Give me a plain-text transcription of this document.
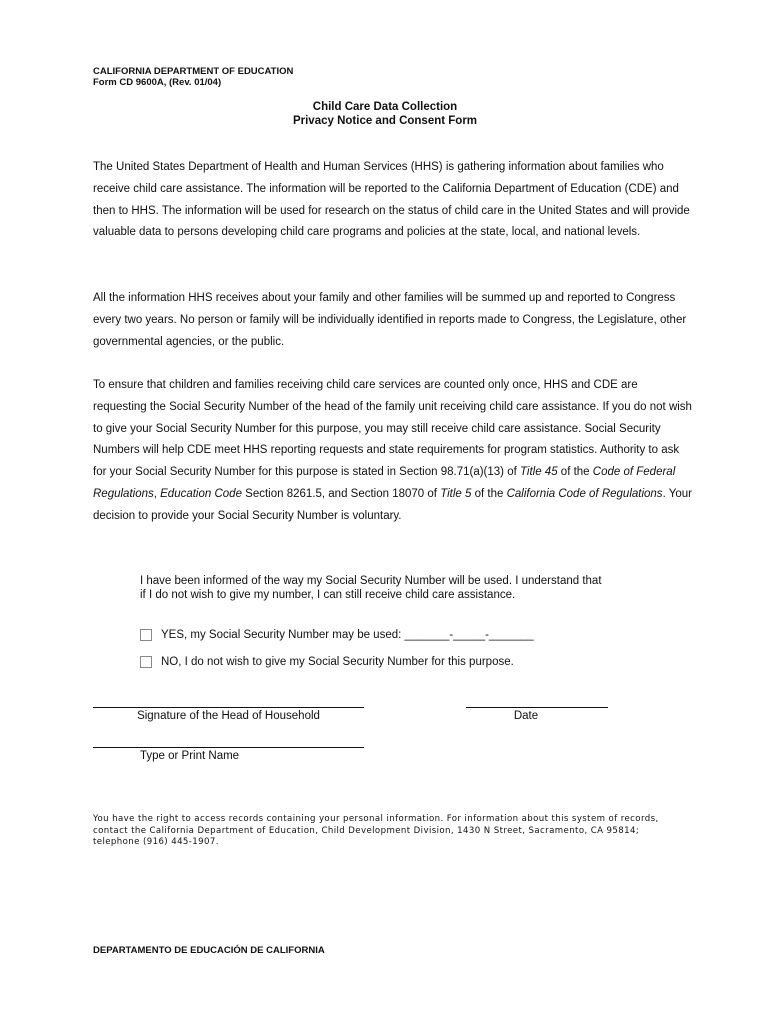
CALIFORNIA DEPARTMENT OF EDUCATION
Form CD 9600A, (Rev. 01/04)
Child Care Data Collection
Privacy Notice and Consent Form

The United States Department of Health and Human Services (HHS) is gathering information about families who receive child care assistance. The information will be reported to the California Department of Education (CDE) and then to HHS. The information will be used for research on the status of child care in the United States and will provide valuable data to persons developing child care programs and policies at the state, local, and national levels.

All the information HHS receives about your family and other families will be summed up and reported to Congress every two years. No person or family will be individually identified in reports made to Congress, the Legislature, other governmental agencies, or the public.

To ensure that children and families receiving child care services are counted only once, HHS and CDE are requesting the Social Security Number of the head of the family unit receiving child care assistance. If you do not wish to give your Social Security Number for this purpose, you may still receive child care assistance. Social Security Numbers will help CDE meet HHS reporting requests and state requirements for program statistics. Authority to ask for your Social Security Number for this purpose is stated in Section 98.71(a)(13) of Title 45 of the Code of Federal Regulations, Education Code Section 8261.5, and Section 18070 of Title 5 of the California Code of Regulations. Your decision to provide your Social Security Number is voluntary.

I have been informed of the way my Social Security Number will be used. I understand that if I do not wish to give my number, I can still receive child care assistance.
YES, my Social Security Number may be used: _______-_____-_______
NO, I do not wish to give my Social Security Number for this purpose.
Signature of the Head of Household	Date
Type or Print Name
You have the right to access records containing your personal information. For information about this system of records, contact the California Department of Education, Child Development Division, 1430 N Street, Sacramento, CA 95814; telephone (916) 445-1907.
DEPARTAMENTO DE EDUCACIÓN DE CALIFORNIA
